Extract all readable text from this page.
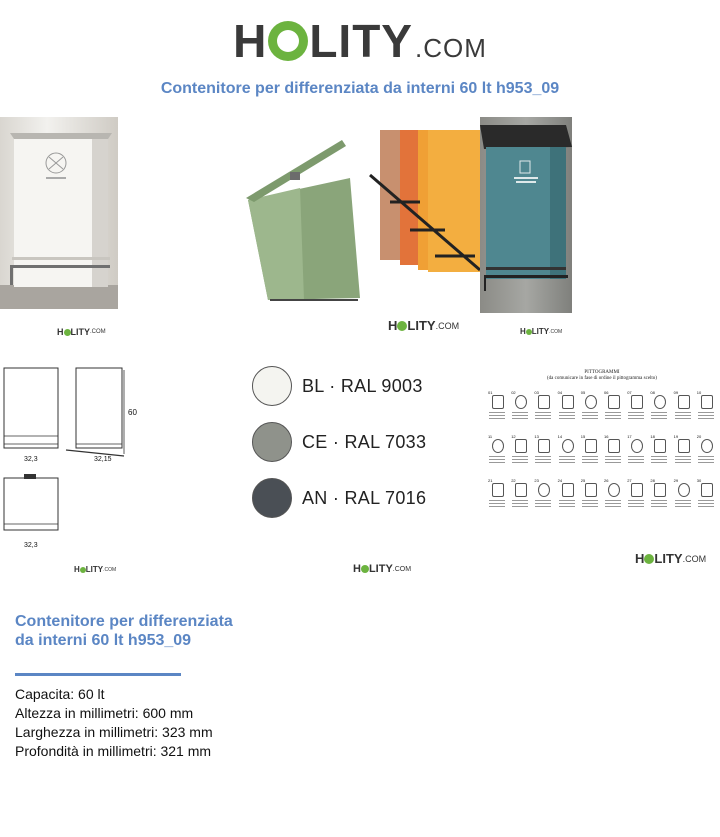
H LITY .COM
Contenitore per differenziata da interni 60 lt h953_09
H LITY .COM	H LITY .COM
H LITY .COM
60
32,3	32,15
32,3
H LITY .COM
BL · RAL 9003
CE · RAL 7033
AN · RAL 7016
H LITY .COM
PITTOGRAMMI
(da comunicare in fase di ordine il pittogramma scelto)
01	02	03	04	05	06	07	08	09	10
11	12	13	14	15	16	17	18	19	20
21	22	23	24	25	26	27	28	29	30
H LITY .COM
Contenitore per differenziata da interni 60 lt h953_09
Capacita: 60 lt
Altezza in millimetri: 600 mm
Larghezza in millimetri: 323 mm
Profondità in millimetri: 321 mm
